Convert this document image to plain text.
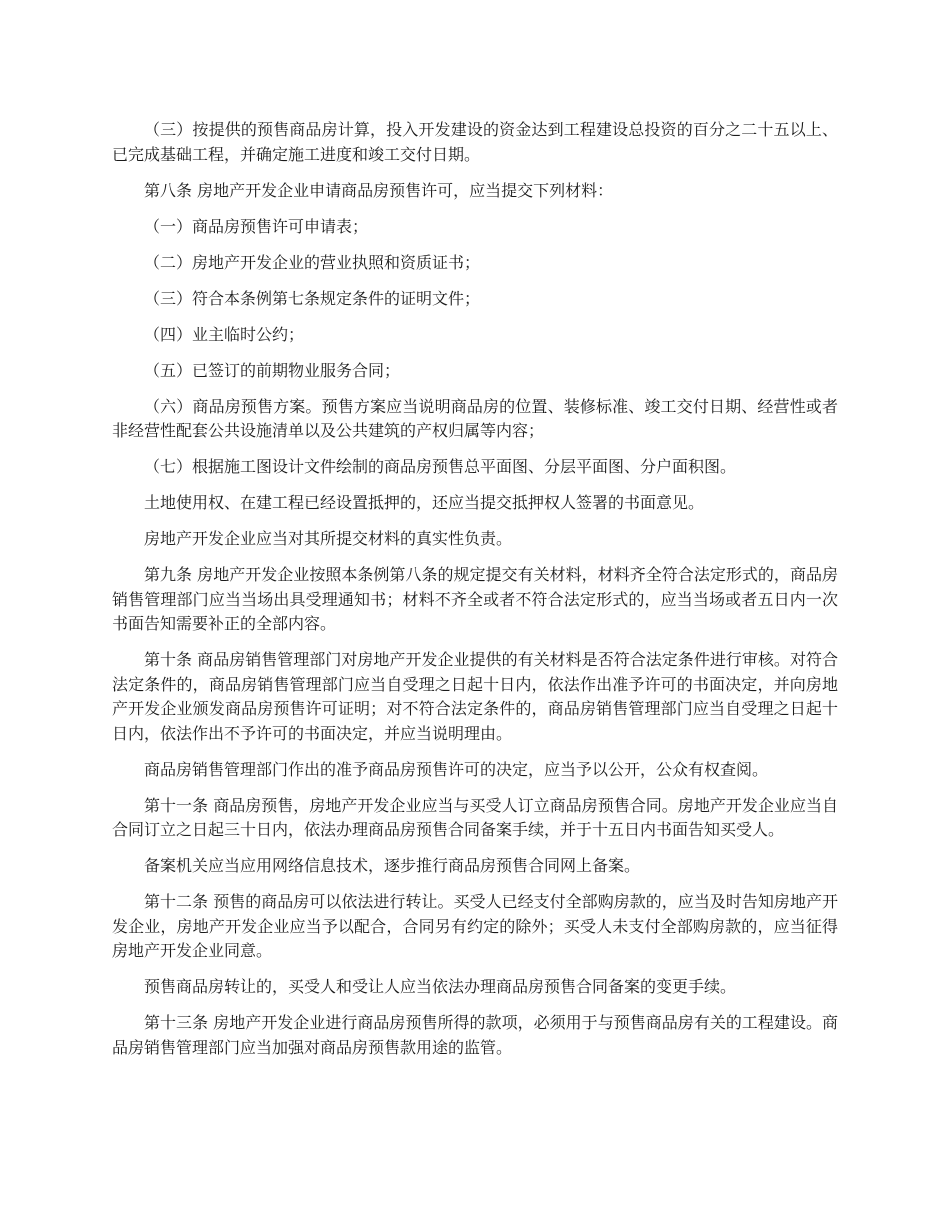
（三）按提供的预售商品房计算，投入开发建设的资金达到工程建设总投资的百分之二十五以上、已完成基础工程，并确定施工进度和竣工交付日期。

第八条 房地产开发企业申请商品房预售许可，应当提交下列材料：

（一）商品房预售许可申请表；

（二）房地产开发企业的营业执照和资质证书；

（三）符合本条例第七条规定条件的证明文件；

（四）业主临时公约；

（五）已签订的前期物业服务合同；

（六）商品房预售方案。预售方案应当说明商品房的位置、装修标准、竣工交付日期、经营性或者非经营性配套公共设施清单以及公共建筑的产权归属等内容；

（七）根据施工图设计文件绘制的商品房预售总平面图、分层平面图、分户面积图。

土地使用权、在建工程已经设置抵押的，还应当提交抵押权人签署的书面意见。

房地产开发企业应当对其所提交材料的真实性负责。

第九条 房地产开发企业按照本条例第八条的规定提交有关材料，材料齐全符合法定形式的，商品房销售管理部门应当当场出具受理通知书；材料不齐全或者不符合法定形式的，应当当场或者五日内一次书面告知需要补正的全部内容。

第十条 商品房销售管理部门对房地产开发企业提供的有关材料是否符合法定条件进行审核。对符合法定条件的，商品房销售管理部门应当自受理之日起十日内，依法作出准予许可的书面决定，并向房地产开发企业颁发商品房预售许可证明；对不符合法定条件的，商品房销售管理部门应当自受理之日起十日内，依法作出不予许可的书面决定，并应当说明理由。

商品房销售管理部门作出的准予商品房预售许可的决定，应当予以公开，公众有权查阅。

第十一条 商品房预售，房地产开发企业应当与买受人订立商品房预售合同。房地产开发企业应当自合同订立之日起三十日内，依法办理商品房预售合同备案手续，并于十五日内书面告知买受人。

备案机关应当应用网络信息技术，逐步推行商品房预售合同网上备案。

第十二条 预售的商品房可以依法进行转让。买受人已经支付全部购房款的，应当及时告知房地产开发企业，房地产开发企业应当予以配合，合同另有约定的除外；买受人未支付全部购房款的，应当征得房地产开发企业同意。

预售商品房转让的，买受人和受让人应当依法办理商品房预售合同备案的变更手续。

第十三条 房地产开发企业进行商品房预售所得的款项，必须用于与预售商品房有关的工程建设。商品房销售管理部门应当加强对商品房预售款用途的监管。
